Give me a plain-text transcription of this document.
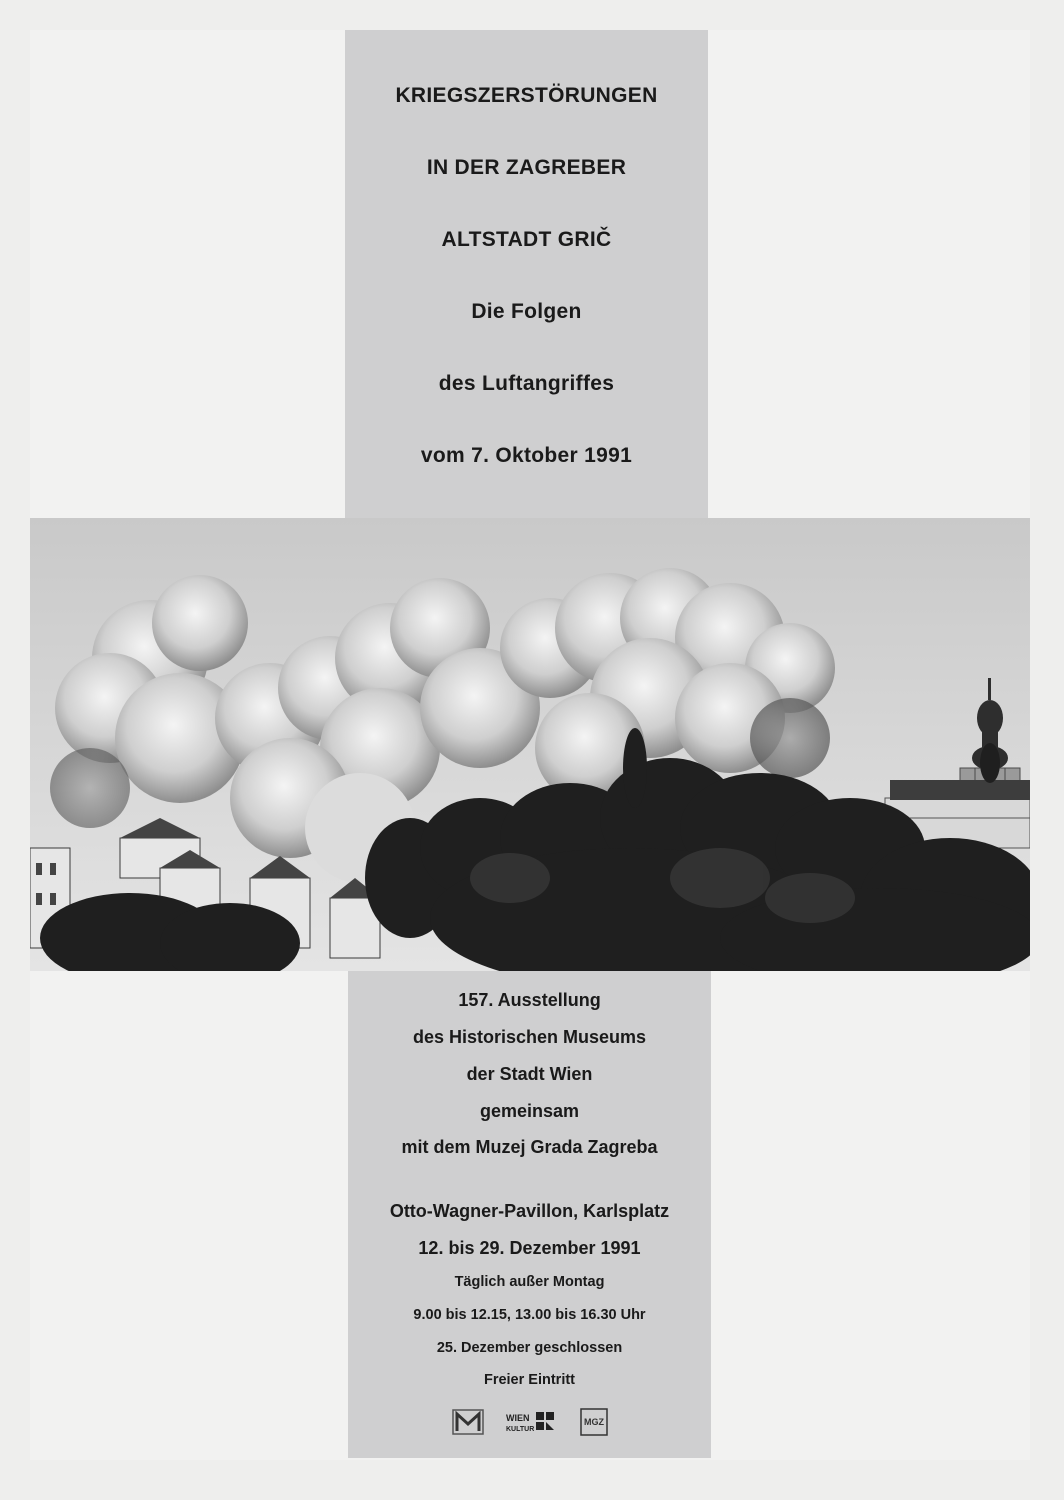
KRIEGSZERSTÖRUNGEN
IN DER ZAGREBER
ALTSTADT GRIČ
Die Folgen
des Luftangriffes
vom 7. Oktober 1991

157. Ausstellung

des Historischen Museums

der Stadt Wien

gemeinsam

mit dem Muzej Grada Zagreba

Otto-Wagner-Pavillon, Karlsplatz

12. bis 29. Dezember 1991

Täglich außer Montag

9.00 bis 12.15, 13.00 bis 16.30 Uhr

25. Dezember geschlossen

Freier Eintritt

WIEN
KULTUR
MGZ
